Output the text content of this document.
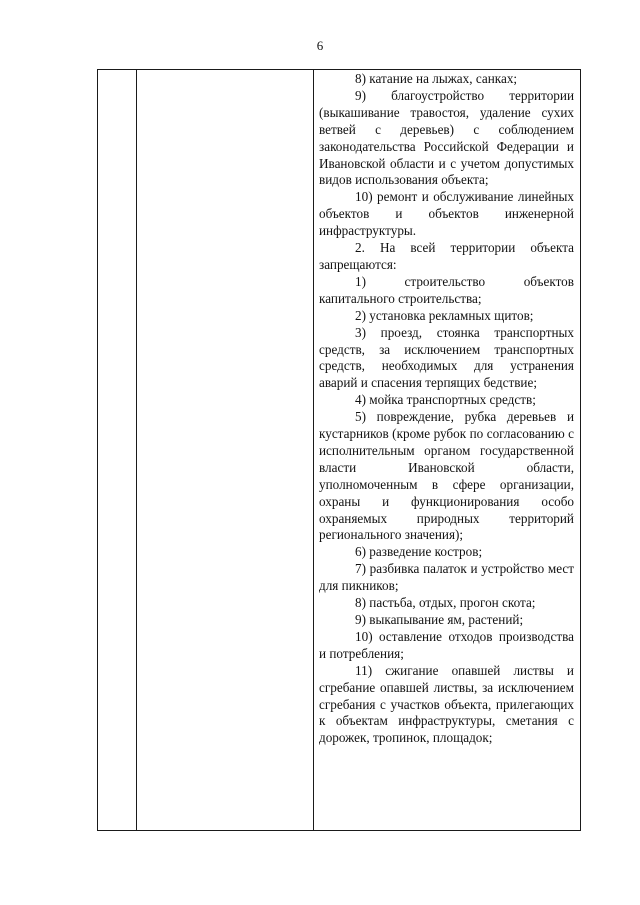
6

8) катание на лыжах, санках;

9) благоустройство территории (выкашивание травостоя, удаление сухих ветвей с деревьев) с соблюдением законодательства Российской Федерации и Ивановской области и с учетом допустимых видов использования объекта;

10) ремонт и обслуживание линейных объектов и объектов инженерной инфраструктуры.

2. На всей территории объекта запрещаются:

1) строительство объектов капитального строительства;

2) установка рекламных щитов;

3) проезд, стоянка транспортных средств, за исключением транспортных средств, необходимых для устранения аварий и спасения терпящих бедствие;

4) мойка транспортных средств;

5) повреждение, рубка деревьев и кустарников (кроме рубок по согласованию с исполнительным органом государственной власти Ивановской области, уполномоченным в сфере организации, охраны и функционирования особо охраняемых природных территорий регионального значения);

6) разведение костров;

7) разбивка палаток и устройство мест для пикников;

8) пастьба, отдых, прогон скота;

9) выкапывание ям, растений;

10) оставление отходов производства и потребления;

11) сжигание опавшей листвы и сгребание опавшей листвы, за исключением сгребания с участков объекта, прилегающих к объектам инфраструктуры, сметания с дорожек, тропинок, площадок;
